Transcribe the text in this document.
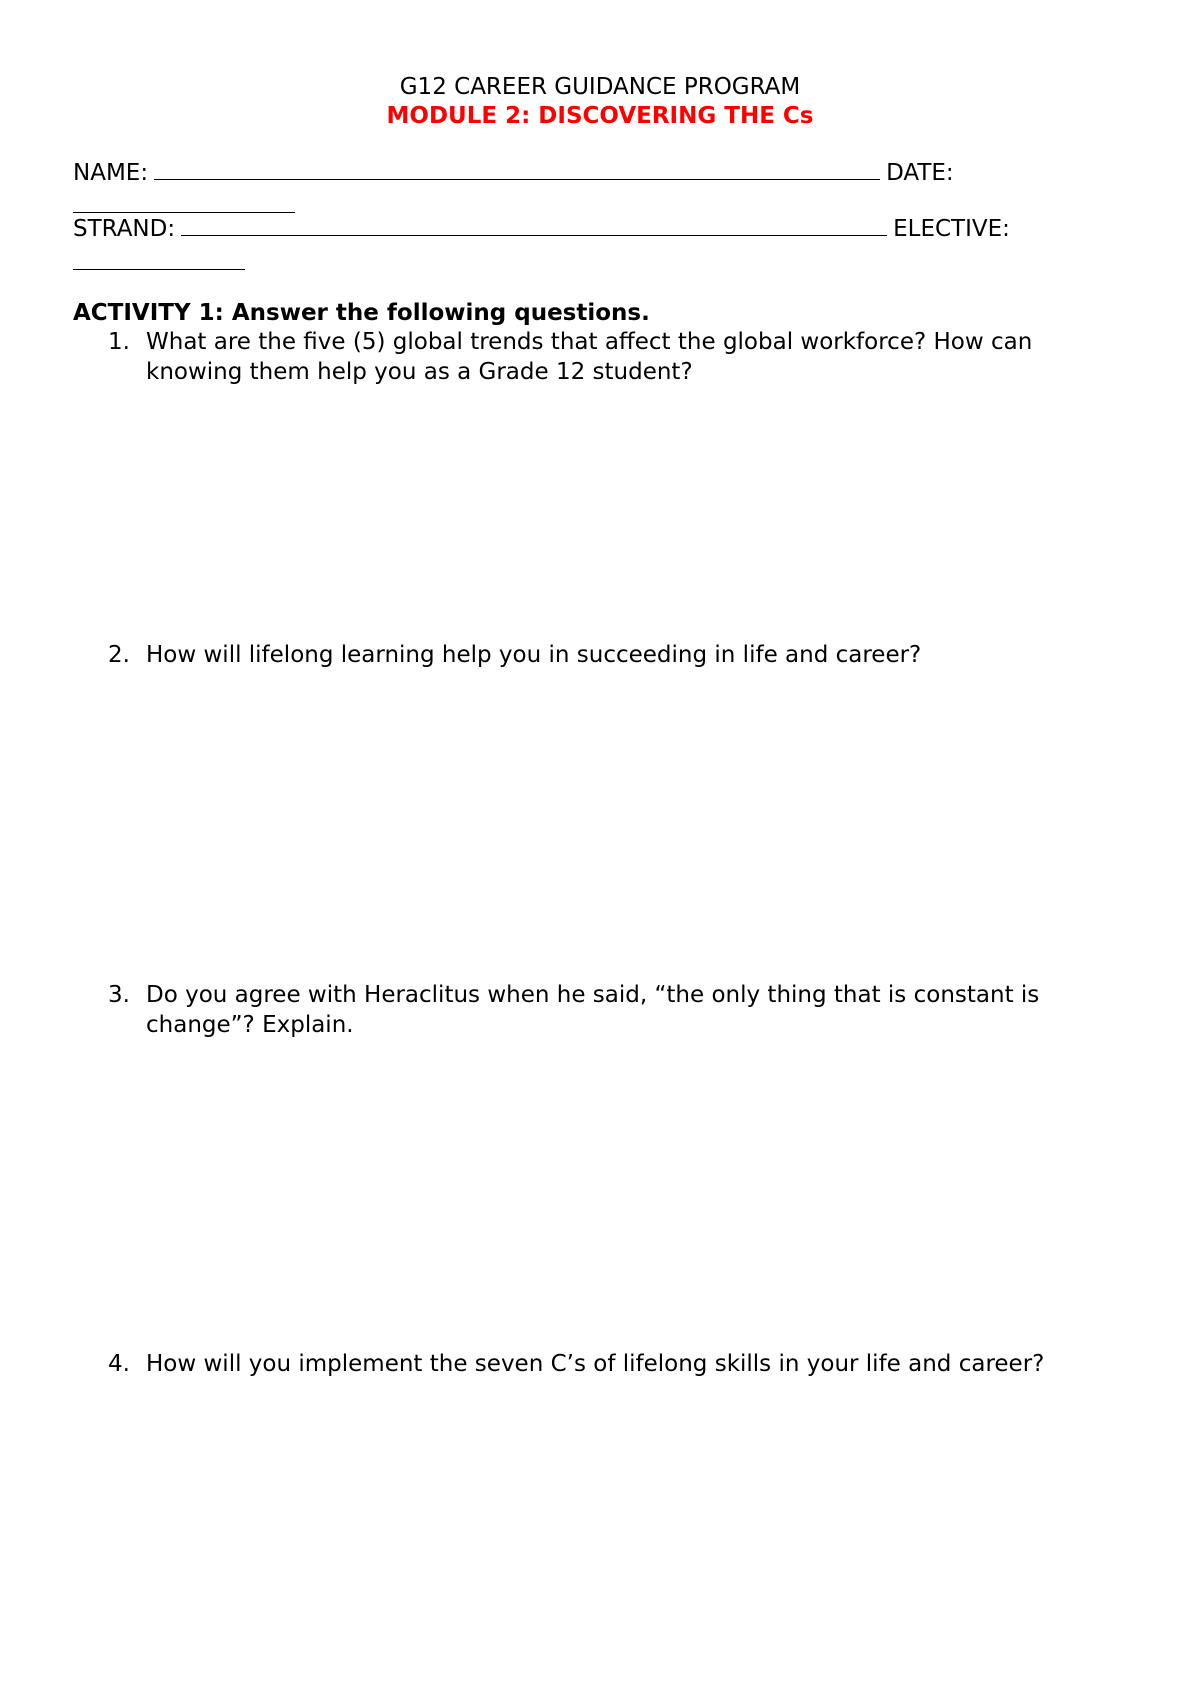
G12 CAREER GUIDANCE PROGRAM
MODULE 2: DISCOVERING THE Cs
NAME:	DATE:
STRAND:	ELECTIVE:
ACTIVITY 1: Answer the following questions.
1. What are the five (5) global trends that affect the global workforce? How can knowing them help you as a Grade 12 student?
2. How will lifelong learning help you in succeeding in life and career?
3. Do you agree with Heraclitus when he said, “the only thing that is constant is change”? Explain.
4. How will you implement the seven C’s of lifelong skills in your life and career?
